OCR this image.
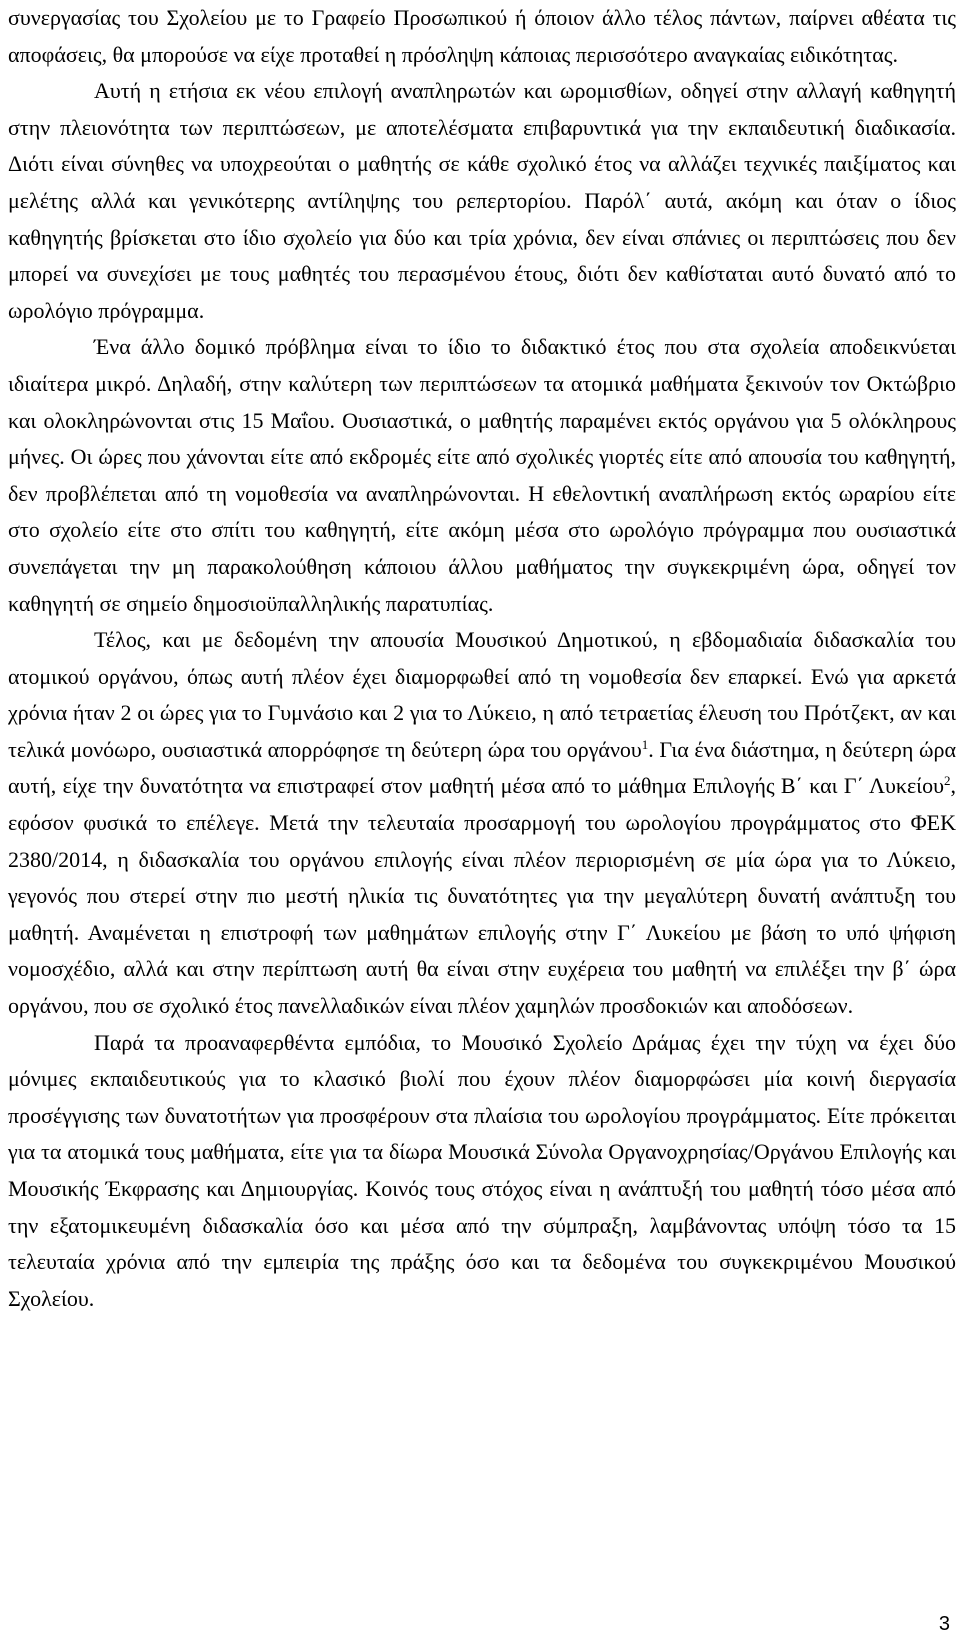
συνεργασίας του Σχολείου με το Γραφείο Προσωπικού ή όποιον άλλο τέλος πάντων, παίρνει αθέατα τις αποφάσεις, θα μπορούσε να είχε προταθεί η πρόσληψη κάποιας περισσότερο αναγκαίας ειδικότητας.

Αυτή η ετήσια εκ νέου επιλογή αναπληρωτών και ωρομισθίων, οδηγεί στην αλλαγή καθηγητή στην πλειονότητα των περιπτώσεων, με αποτελέσματα επιβαρυντικά για την εκπαιδευτική διαδικασία. Διότι είναι σύνηθες να υποχρεούται ο μαθητής σε κάθε σχολικό έτος να αλλάζει τεχνικές παιξίματος και μελέτης αλλά και γενικότερης αντίληψης του ρεπερτορίου. Παρόλ΄ αυτά, ακόμη και όταν ο ίδιος καθηγητής βρίσκεται στο ίδιο σχολείο για δύο και τρία χρόνια, δεν είναι σπάνιες οι περιπτώσεις που δεν μπορεί να συνεχίσει με τους μαθητές του περασμένου έτους, διότι δεν καθίσταται αυτό δυνατό από το ωρολόγιο πρόγραμμα.

Ένα άλλο δομικό πρόβλημα είναι το ίδιο το διδακτικό έτος που στα σχολεία αποδεικνύεται ιδιαίτερα μικρό. Δηλαδή, στην καλύτερη των περιπτώσεων τα ατομικά μαθήματα ξεκινούν τον Οκτώβριο και ολοκληρώνονται στις 15 Μαΐου. Ουσιαστικά, ο μαθητής παραμένει εκτός οργάνου για 5 ολόκληρους μήνες. Οι ώρες που χάνονται είτε από εκδρομές είτε από σχολικές γιορτές είτε από απουσία του καθηγητή, δεν προβλέπεται από τη νομοθεσία να αναπληρώνονται. Η εθελοντική αναπλήρωση εκτός ωραρίου είτε στο σχολείο είτε στο σπίτι του καθηγητή, είτε ακόμη μέσα στο ωρολόγιο πρόγραμμα που ουσιαστικά συνεπάγεται την μη παρακολούθηση κάποιου άλλου μαθήματος την συγκεκριμένη ώρα, οδηγεί τον καθηγητή σε σημείο δημοσιοϋπαλληλικής παρατυπίας.

Τέλος, και με δεδομένη την απουσία Μουσικού Δημοτικού, η εβδομαδιαία διδασκαλία του ατομικού οργάνου, όπως αυτή πλέον έχει διαμορφωθεί από τη νομοθεσία δεν επαρκεί. Ενώ για αρκετά χρόνια ήταν 2 οι ώρες για το Γυμνάσιο και 2 για το Λύκειο, η από τετραετίας έλευση του Πρότζεκτ, αν και τελικά μονόωρο, ουσιαστικά απορρόφησε τη δεύτερη ώρα του οργάνου$^1$. Για ένα διάστημα, η δεύτερη ώρα αυτή, είχε την δυνατότητα να επιστραφεί στον μαθητή μέσα από το μάθημα Επιλογής Β΄ και Γ΄ Λυκείου$^2$, εφόσον φυσικά το επέλεγε. Μετά την τελευταία προσαρμογή του ωρολογίου προγράμματος στο ΦΕΚ 2380/2014, η διδασκαλία του οργάνου επιλογής είναι πλέον περιορισμένη σε μία ώρα για το Λύκειο, γεγονός που στερεί στην πιο μεστή ηλικία τις δυνατότητες για την μεγαλύτερη δυνατή ανάπτυξη του μαθητή. Αναμένεται η επιστροφή των μαθημάτων επιλογής στην Γ΄ Λυκείου με βάση το υπό ψήφιση νομοσχέδιο, αλλά και στην περίπτωση αυτή θα είναι στην ευχέρεια του μαθητή να επιλέξει την β΄ ώρα οργάνου, που σε σχολικό έτος πανελλαδικών είναι πλέον χαμηλών προσδοκιών και αποδόσεων.

Παρά τα προαναφερθέντα εμπόδια, το Μουσικό Σχολείο Δράμας έχει την τύχη να έχει δύο μόνιμες εκπαιδευτικούς για το κλασικό βιολί που έχουν πλέον διαμορφώσει μία κοινή διεργασία προσέγγισης των δυνατοτήτων για προσφέρουν στα πλαίσια του ωρολογίου προγράμματος. Είτε πρόκειται για τα ατομικά τους μαθήματα, είτε για τα δίωρα Μουσικά Σύνολα Οργανοχρησίας/Οργάνου Επιλογής και Μουσικής Έκφρασης και Δημιουργίας. Κοινός τους στόχος είναι η ανάπτυξή του μαθητή τόσο μέσα από την εξατομικευμένη διδασκαλία όσο και μέσα από την σύμπραξη, λαμβάνοντας υπόψη τόσο τα 15 τελευταία χρόνια από την εμπειρία της πράξης όσο και τα δεδομένα του συγκεκριμένου Μουσικού Σχολείου.

3
